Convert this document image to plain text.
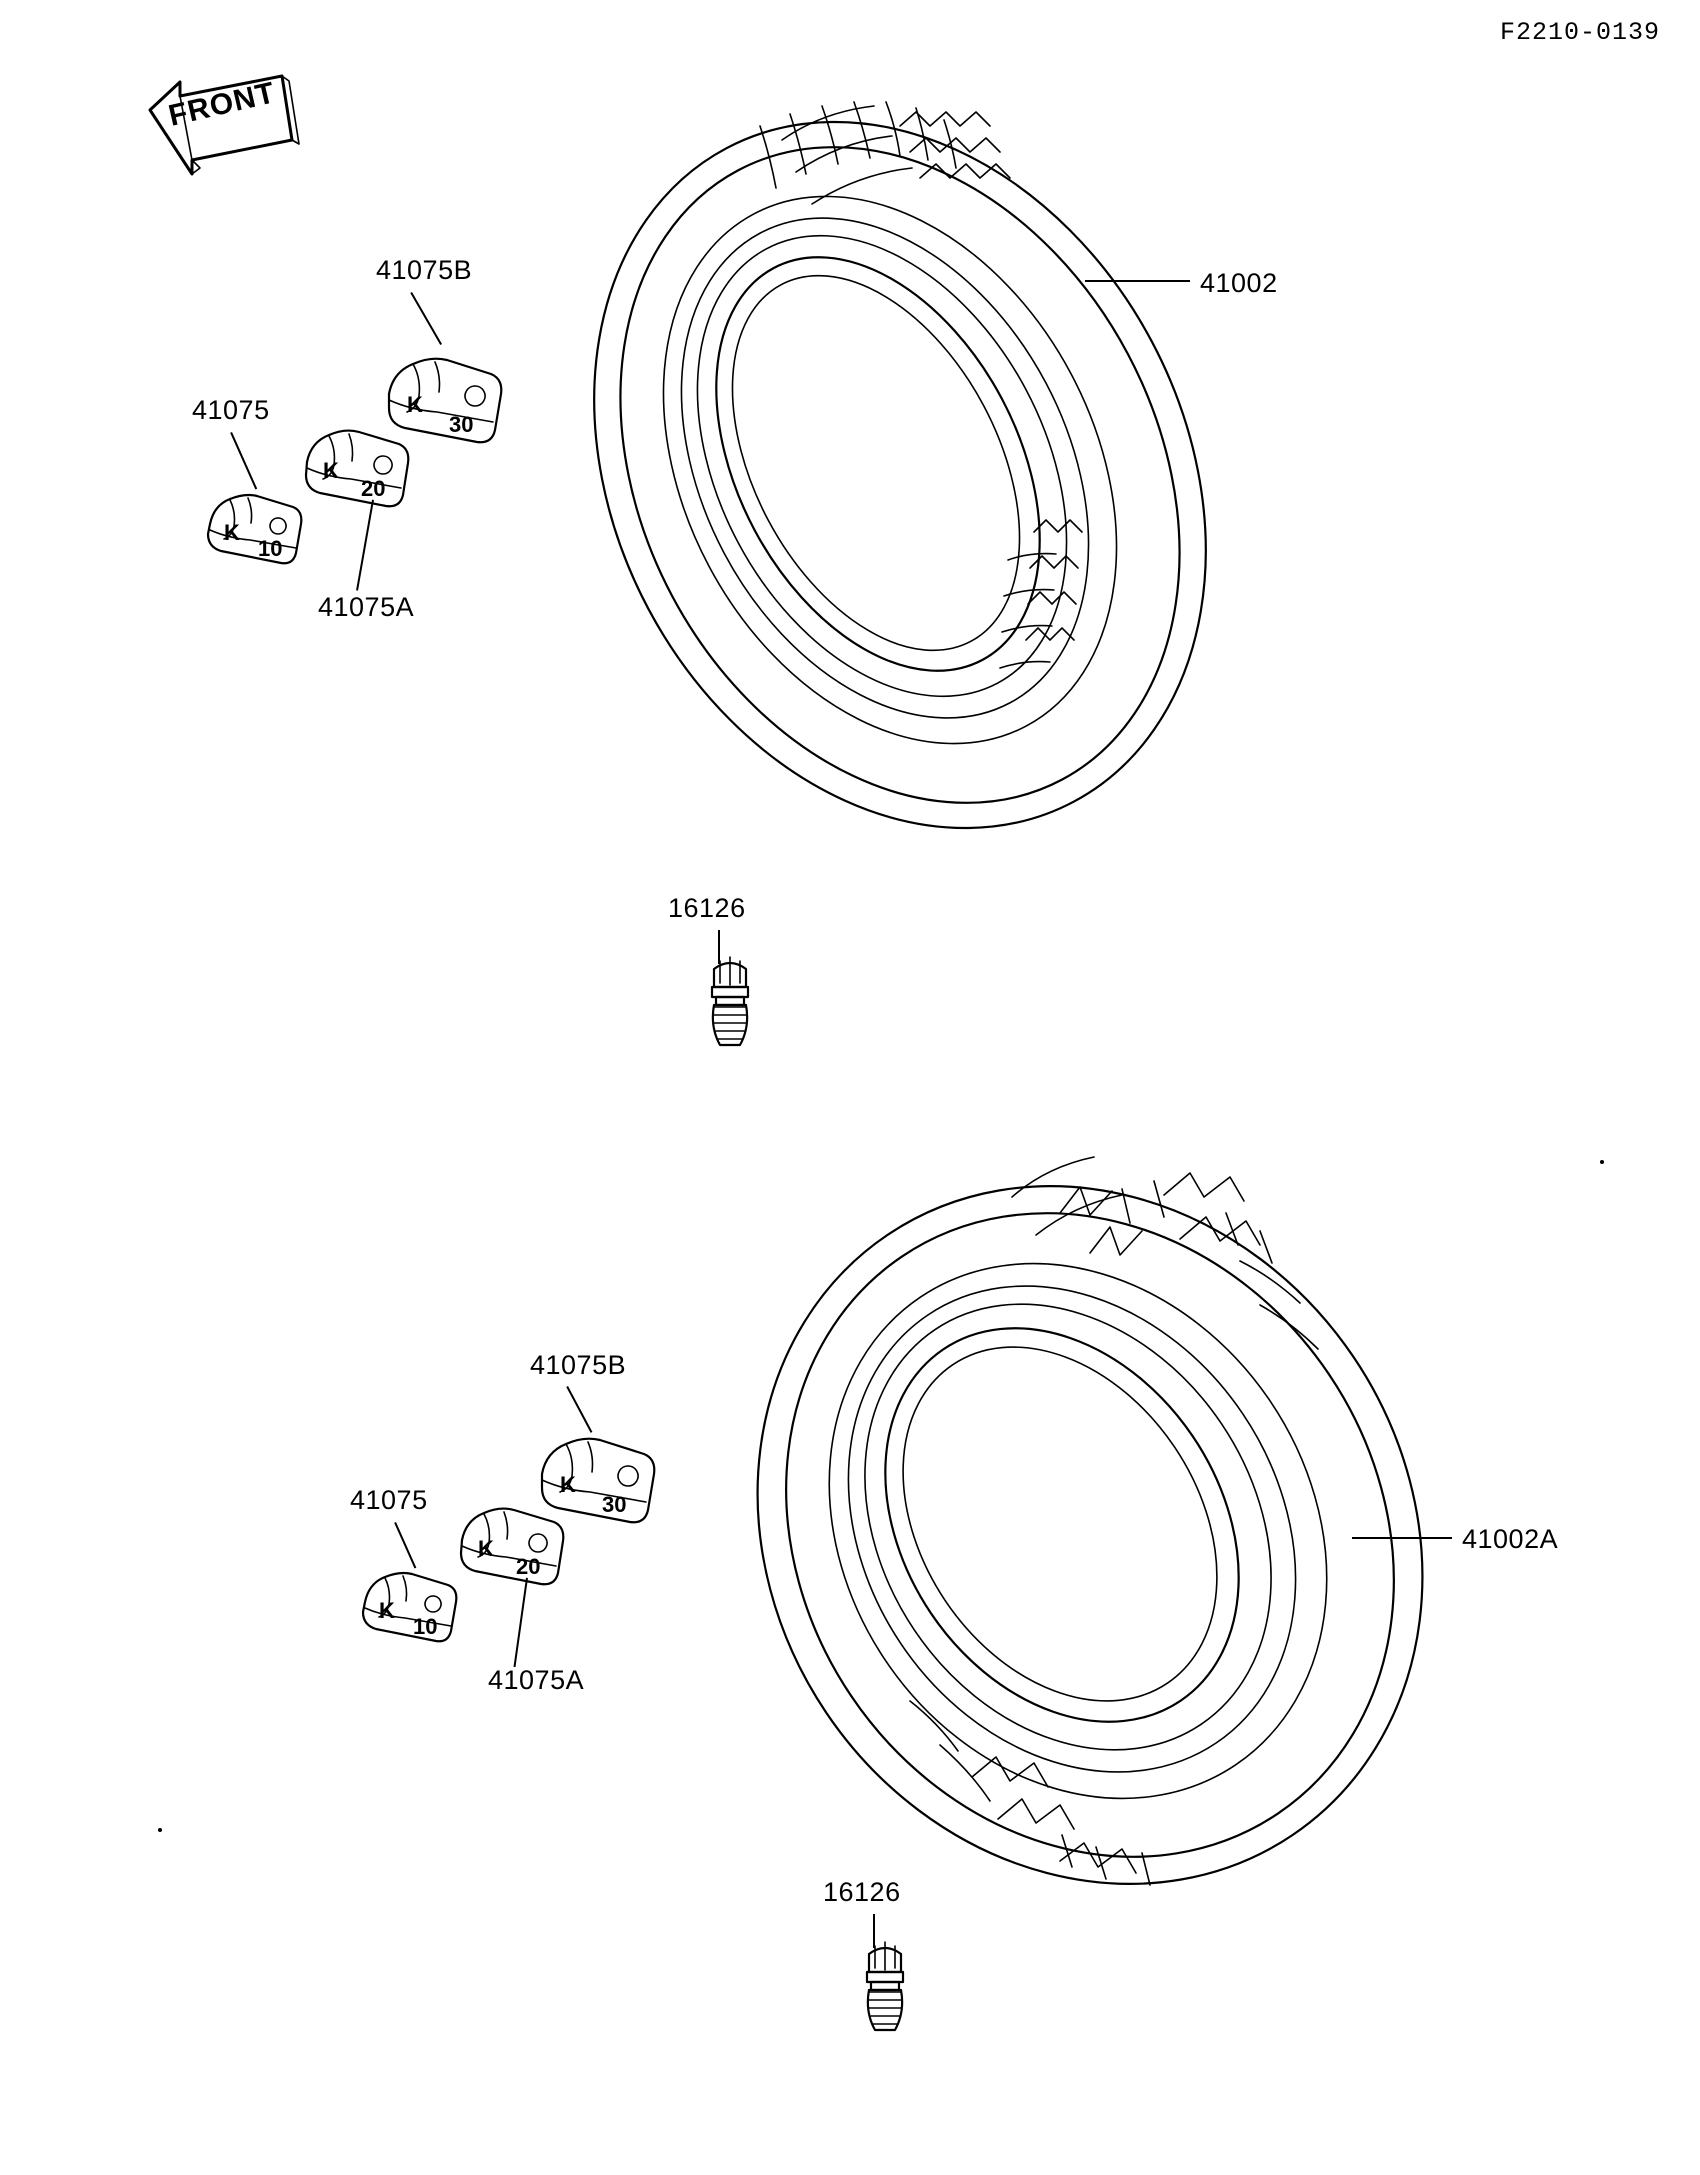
F2210-0139
FRONT
41002
16126
K
30
41075B
K
20
41075A
K
10
41075
41002A
16126
K
30
41075B
K
20
41075A
K
10
41075
